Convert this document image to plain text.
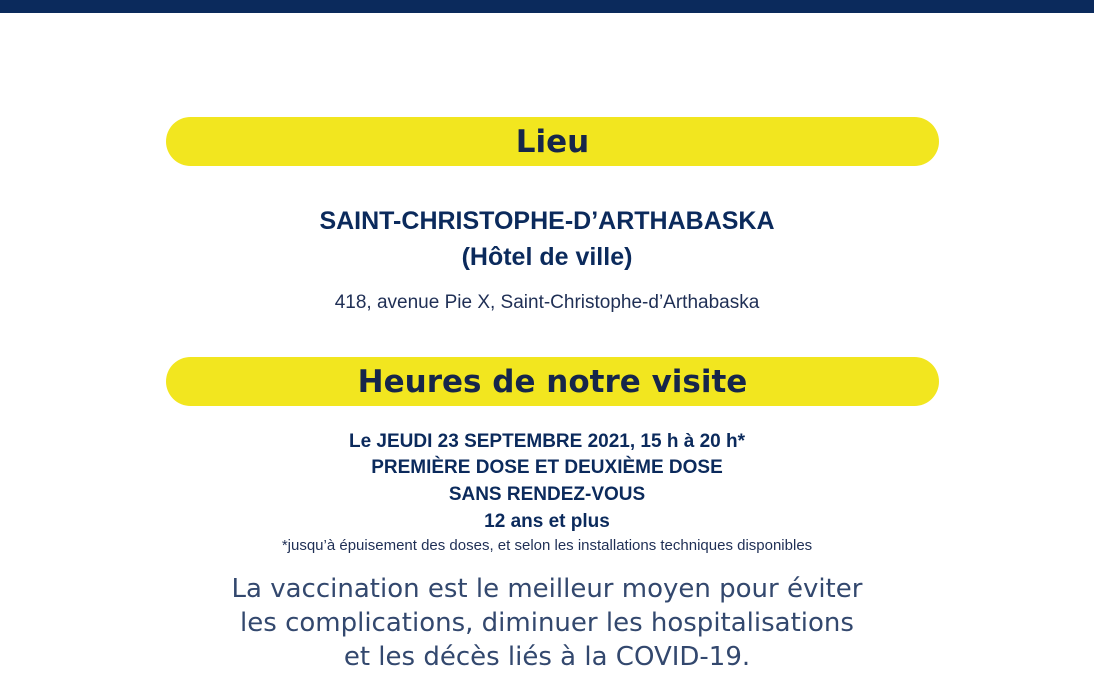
Lieu
SAINT-CHRISTOPHE-D’ARTHABASKA
(Hôtel de ville)
418, avenue Pie X, Saint-Christophe-d’Arthabaska
Heures de notre visite
Le JEUDI 23 SEPTEMBRE 2021, 15 h à 20 h*
PREMIÈRE DOSE ET DEUXIÈME DOSE
SANS RENDEZ-VOUS
12 ans et plus
*jusqu’à épuisement des doses, et selon les installations techniques disponibles
La vaccination est le meilleur moyen pour éviter
les complications, diminuer les hospitalisations
et les décès liés à la COVID-19.
